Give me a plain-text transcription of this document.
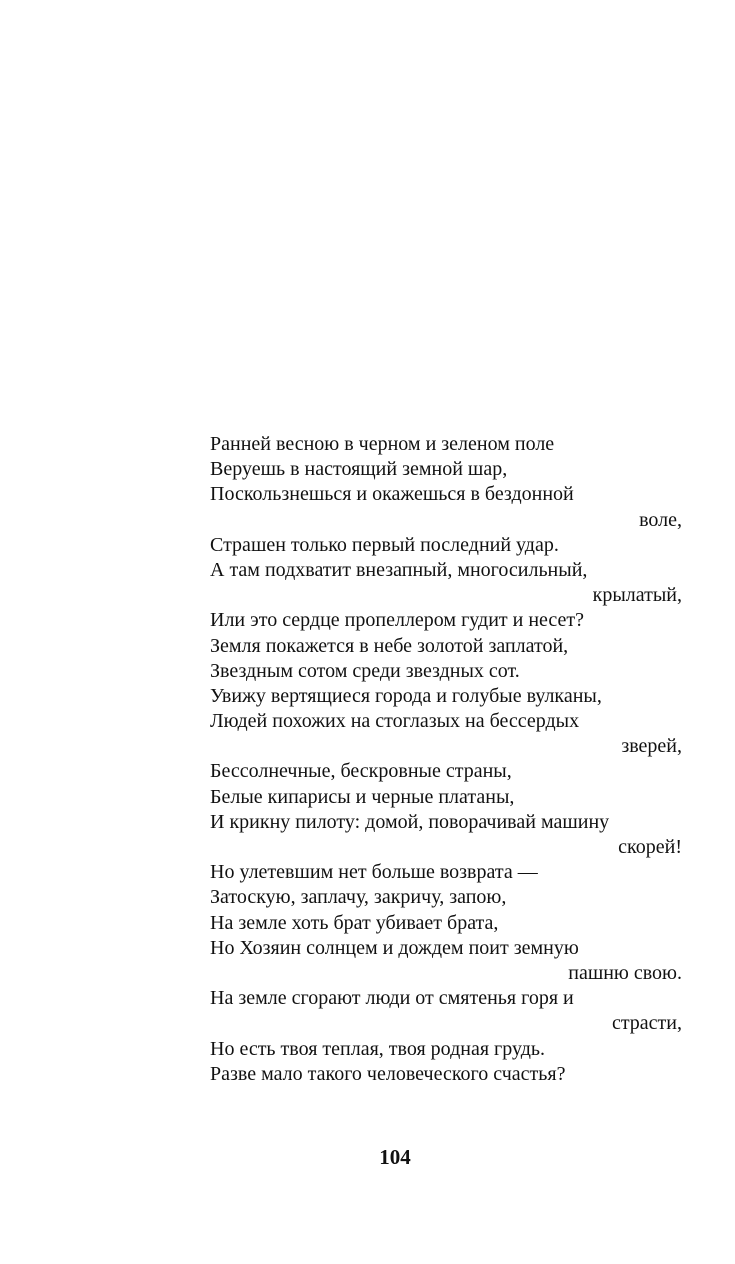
Ранней весною в черном и зеленом поле
Веруешь в настоящий земной шар,
Поскользнешься и окажешься в бездонной
воле,
Страшен только первый последний удар.
А там подхватит внезапный, многосильный,
крылатый,
Или это сердце пропеллером гудит и несет?
Земля покажется в небе золотой заплатой,
Звездным сотом среди звездных сот.
Увижу вертящиеся города и голубые вулканы,
Людей похожих на стоглазых на бессердых
зверей,
Бессолнечные, бескровные страны,
Белые кипарисы и черные платаны,
И крикну пилоту: домой, поворачивай машину
скорей!
Но улетевшим нет больше возврата —
Затоскую, заплачу, закричу, запою,
На земле хоть брат убивает брата,
Но Хозяин солнцем и дождем поит земную
пашню свою.
На земле сгорают люди от смятенья горя и
страсти,
Но есть твоя теплая, твоя родная грудь.
Разве мало такого человеческого счастья?
104
